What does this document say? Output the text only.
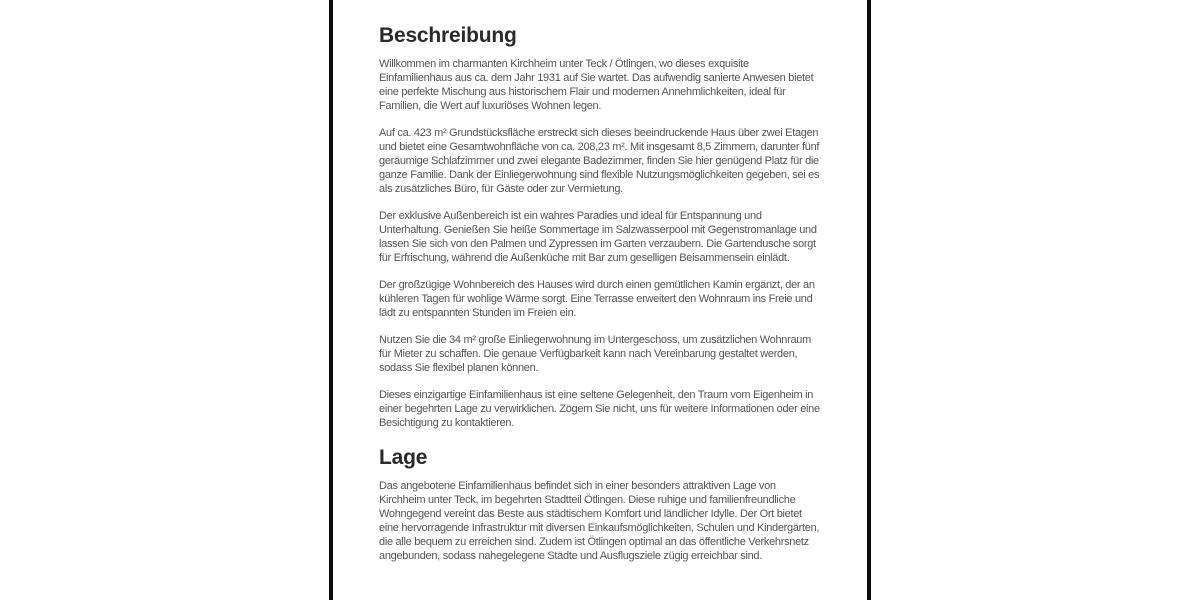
Beschreibung

Willkommen im charmanten Kirchheim unter Teck / Ötlingen, wo dieses exquisite Einfamilienhaus aus ca. dem Jahr 1931 auf Sie wartet. Das aufwendig sanierte Anwesen bietet eine perfekte Mischung aus historischem Flair und modernen Annehmlichkeiten, ideal für Familien, die Wert auf luxuriöses Wohnen legen.

Auf ca. 423 m² Grundstücksfläche erstreckt sich dieses beeindruckende Haus über zwei Etagen und bietet eine Gesamtwohnfläche von ca. 208,23 m². Mit insgesamt 8,5 Zimmern, darunter fünf geräumige Schlafzimmer und zwei elegante Badezimmer, finden Sie hier genügend Platz für die ganze Familie. Dank der Einliegerwohnung sind flexible Nutzungsmöglichkeiten gegeben, sei es als zusätzliches Büro, für Gäste oder zur Vermietung.

Der exklusive Außenbereich ist ein wahres Paradies und ideal für Entspannung und Unterhaltung. Genießen Sie heiße Sommertage im Salzwasserpool mit Gegenstromanlage und lassen Sie sich von den Palmen und Zypressen im Garten verzaubern. Die Gartendusche sorgt für Erfrischung, während die Außenküche mit Bar zum geselligen Beisammensein einlädt.

Der großzügige Wohnbereich des Hauses wird durch einen gemütlichen Kamin ergänzt, der an kühleren Tagen für wohlige Wärme sorgt. Eine Terrasse erweitert den Wohnraum ins Freie und lädt zu entspannten Stunden im Freien ein.

Nutzen Sie die 34 m² große Einliegerwohnung im Untergeschoss, um zusätzlichen Wohnraum für Mieter zu schaffen. Die genaue Verfügbarkeit kann nach Vereinbarung gestaltet werden, sodass Sie flexibel planen können.

Dieses einzigartige Einfamilienhaus ist eine seltene Gelegenheit, den Traum vom Eigenheim in einer begehrten Lage zu verwirklichen. Zögern Sie nicht, uns für weitere Informationen oder eine Besichtigung zu kontaktieren.

Lage

Das angebotene Einfamilienhaus befindet sich in einer besonders attraktiven Lage von Kirchheim unter Teck, im begehrten Stadtteil Ötlingen. Diese ruhige und familienfreundliche Wohngegend vereint das Beste aus städtischem Komfort und ländlicher Idylle. Der Ort bietet eine hervorragende Infrastruktur mit diversen Einkaufsmöglichkeiten, Schulen und Kindergärten, die alle bequem zu erreichen sind. Zudem ist Ötlingen optimal an das öffentliche Verkehrsnetz angebunden, sodass nahegelegene Städte und Ausflugsziele zügig erreichbar sind.
